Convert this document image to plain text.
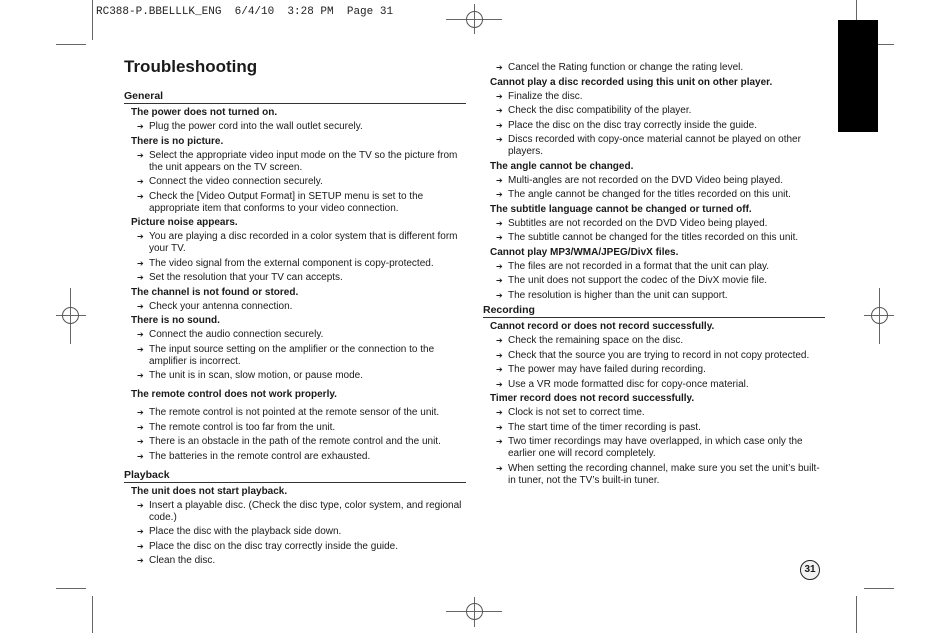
RC388-P.BBELLLK_ENG  6/4/10  3:28 PM  Page 31
Troubleshooting
General
The power does not turned on.
➔ Plug the power cord into the wall outlet securely.
There is no picture.
➔ Select the appropriate video input mode on the TV so the picture from the unit appears on the TV screen.
➔ Connect the video connection securely.
➔ Check the [Video Output Format] in SETUP menu is set to the appropriate item that conforms to your video connection.
Picture noise appears.
➔ You are playing a disc recorded in a color system that is different form your TV.
➔ The video signal from the external component is copy-protected.
➔ Set the resolution that your TV can accepts.
The channel is not found or stored.
➔ Check your antenna connection.
There is no sound.
➔ Connect the audio connection securely.
➔ The input source setting on the amplifier or the connection to the amplifier is incorrect.
➔ The unit is in scan, slow motion, or pause mode.
The remote control does not work properly.
➔ The remote control is not pointed at the remote sensor of the unit.
➔ The remote control is too far from the unit.
➔ There is an obstacle in the path of the remote control and the unit.
➔ The batteries in the remote control are exhausted.
Playback
The unit does not start playback.
➔ Insert a playable disc. (Check the disc type, color system, and regional code.)
➔ Place the disc with the playback side down.
➔ Place the disc on the disc tray correctly inside the guide.
➔ Clean the disc.
➔ Cancel the Rating function or change the rating level.
Cannot play a disc recorded using this unit on other player.
➔ Finalize the disc.
➔ Check the disc compatibility of the player.
➔ Place the disc on the disc tray correctly inside the guide.
➔ Discs recorded with copy-once material cannot be played on other players.
The angle cannot be changed.
➔ Multi-angles are not recorded on the DVD Video being played.
➔ The angle cannot be changed for the titles recorded on this unit.
The subtitle language cannot be changed or turned off.
➔ Subtitles are not recorded on the DVD Video being played.
➔ The subtitle cannot be changed for the titles recorded on this unit.
Cannot play MP3/WMA/JPEG/DivX files.
➔ The files are not recorded in a format that the unit can play.
➔ The unit does not support the codec of the DivX movie file.
➔ The resolution is higher than the unit can support.
Recording
Cannot record or does not record successfully.
➔ Check the remaining space on the disc.
➔ Check that the source you are trying to record in not copy protected.
➔ The power may have failed during recording.
➔ Use a VR mode formatted disc for copy-once material.
Timer record does not record successfully.
➔ Clock is not set to correct time.
➔ The start time of the timer recording is past.
➔ Two timer recordings may have overlapped, in which case only the earlier one will record completely.
➔ When setting the recording channel, make sure you set the unit’s built-in tuner, not the TV’s built-in tuner.
31
